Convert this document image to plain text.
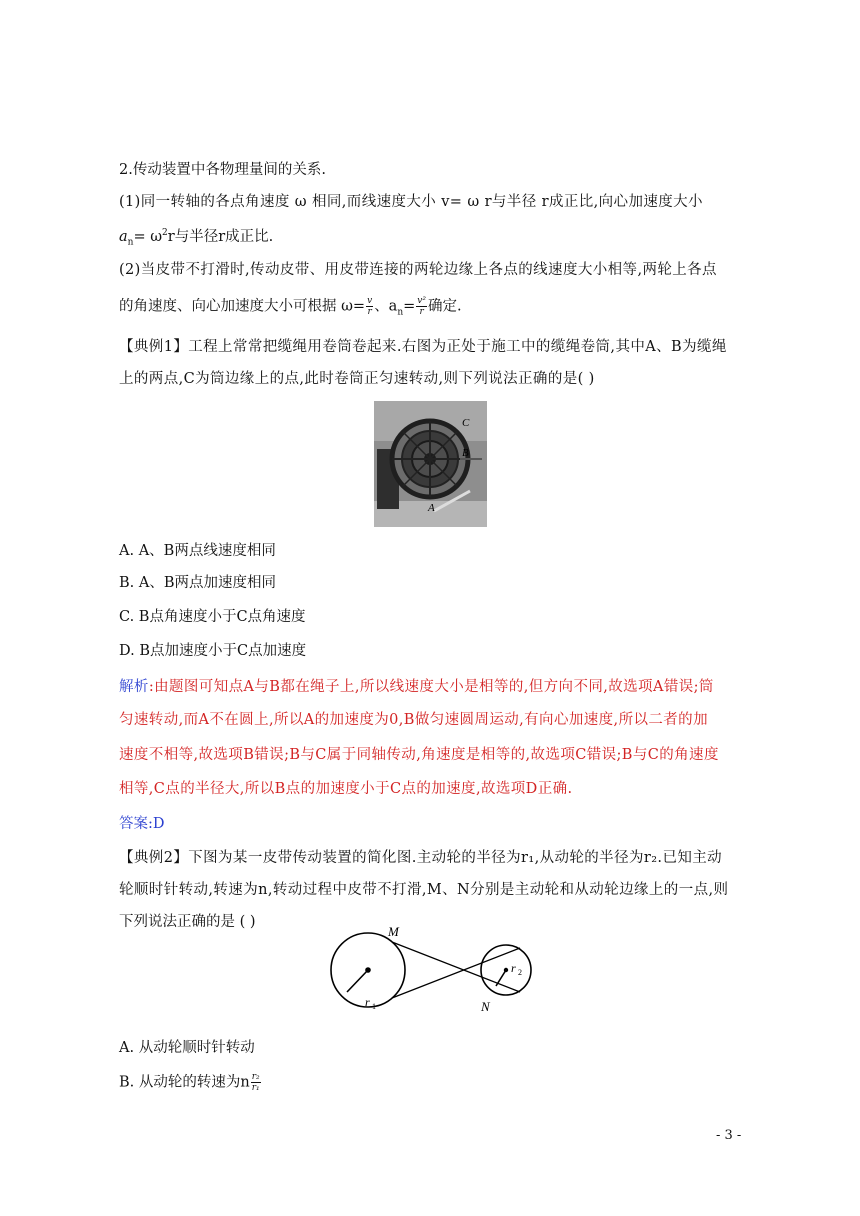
2.传动装置中各物理量间的关系.
(1)同一转轴的各点角速度 ω 相同,而线速度大小 v= ω r与半径 r成正比,向心加速度大小
$a_n= \omega^2r$与半径r成正比.
(2)当皮带不打滑时,传动皮带、用皮带连接的两轮边缘上各点的线速度大小相等,两轮上各点
的角速度、向心加速度大小可根据 $\omega= \frac{v}{r}$ 、$a_n= \frac{\text{v²}}{r}$ 确定.
【典例1】工程上常常把缆绳用卷筒卷起来.右图为正处于施工中的缆绳卷筒,其中A、B为缆绳
上的两点,C为筒边缘上的点,此时卷筒正匀速转动,则下列说法正确的是( )
C
B
A
A. A、B两点线速度相同
B. A、B两点加速度相同
C. B点角速度小于C点角速度
D. B点加速度小于C点加速度
解析:由题图可知点A与B都在绳子上,所以线速度大小是相等的,但方向不同,故选项A错误;筒
匀速转动,而A不在圆上,所以A的加速度为0,B做匀速圆周运动,有向心加速度,所以二者的加
速度不相等,故选项B错误;B与C属于同轴传动,角速度是相等的,故选项C错误;B与C的角速度
相等,C点的半径大,所以B点的加速度小于C点的加速度,故选项D正确.
答案:D
【典例2】下图为某一皮带传动装置的简化图.主动轮的半径为r₁,从动轮的半径为r₂.已知主动
轮顺时针转动,转速为n,转动过程中皮带不打滑,M、N分别是主动轮和从动轮边缘上的一点,则
下列说法正确的是 ( )
M
N
r 1
r 2
A. 从动轮顺时针转动
B. 从动轮的转速为n $\frac{\text{r₂}}{\text{r₁}}$
- 3 -
